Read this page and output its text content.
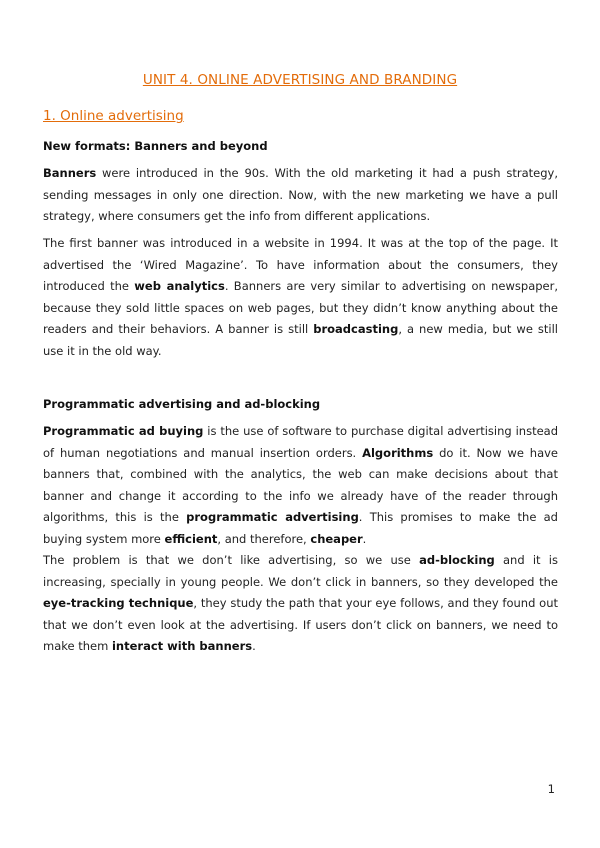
UNIT 4. ONLINE ADVERTISING AND BRANDING
1. Online advertising
New formats: Banners and beyond
Banners were introduced in the 90s. With the old marketing it had a push strategy, sending messages in only one direction. Now, with the new marketing we have a pull strategy, where consumers get the info from different applications.
The first banner was introduced in a website in 1994. It was at the top of the page. It advertised the ‘Wired Magazine’. To have information about the consumers, they introduced the web analytics. Banners are very similar to advertising on newspaper, because they sold little spaces on web pages, but they didn’t know anything about the readers and their behaviors. A banner is still broadcasting, a new media, but we still use it in the old way.
Programmatic advertising and ad-blocking
Programmatic ad buying is the use of software to purchase digital advertising instead of human negotiations and manual insertion orders. Algorithms do it. Now we have banners that, combined with the analytics, the web can make decisions about that banner and change it according to the info we already have of the reader through algorithms, this is the programmatic advertising. This promises to make the ad buying system more efficient, and therefore, cheaper.
The problem is that we don’t like advertising, so we use ad-blocking and it is increasing, specially in young people. We don’t click in banners, so they developed the eye-tracking technique, they study the path that your eye follows, and they found out that we don’t even look at the advertising. If users don’t click on banners, we need to make them interact with banners.
1
